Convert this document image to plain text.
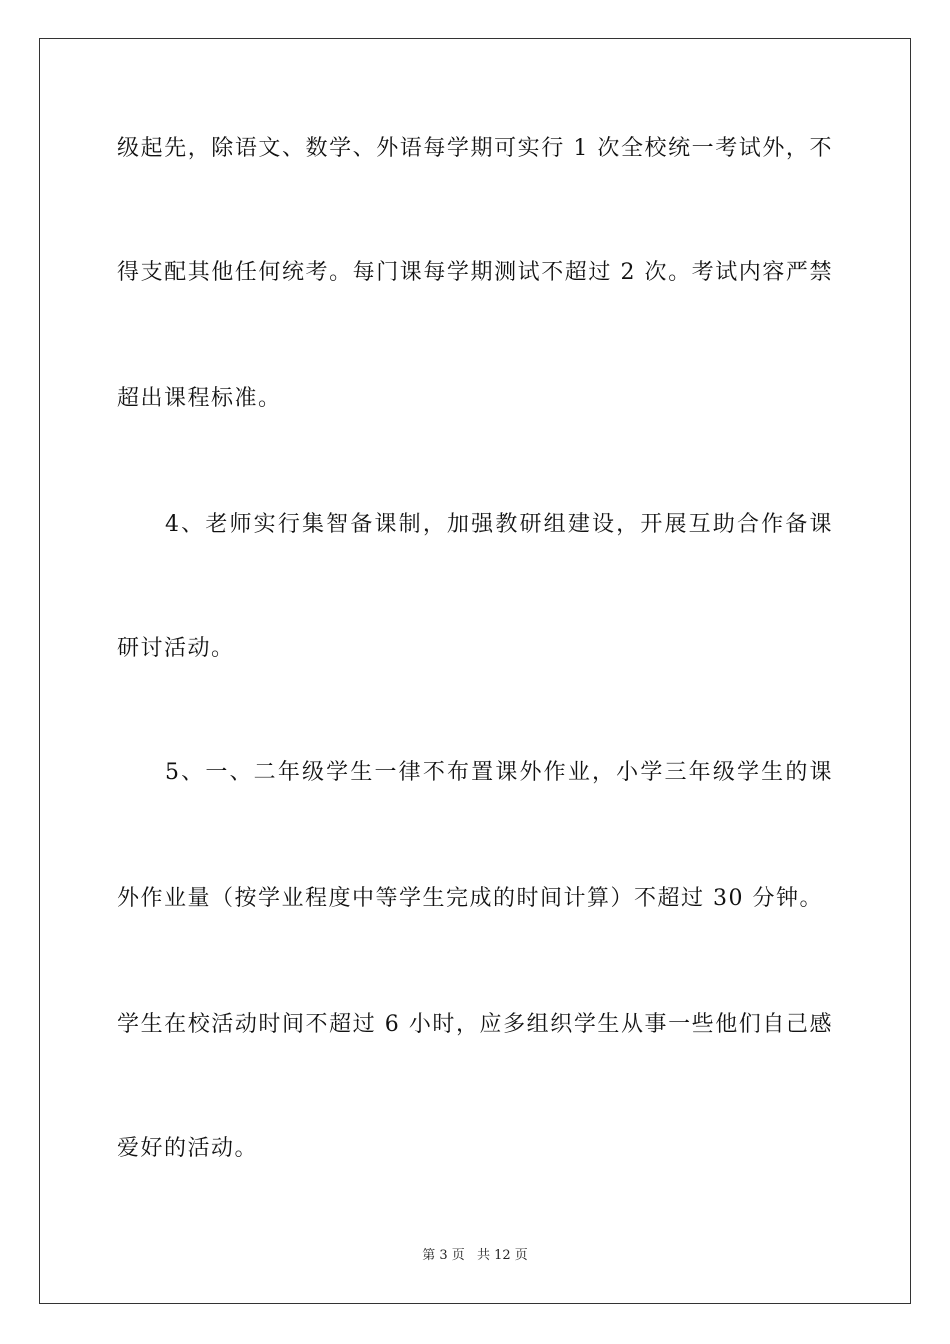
级起先，除语文、数学、外语每学期可实行 1 次全校统一考试外，不
得支配其他任何统考。每门课每学期测试不超过 2 次。考试内容严禁
超出课程标准。
4、老师实行集智备课制，加强教研组建设，开展互助合作备课
研讨活动。
5、一、二年级学生一律不布置课外作业，小学三年级学生的课
外作业量（按学业程度中等学生完成的时间计算）不超过 30 分钟。
学生在校活动时间不超过 6 小时，应多组织学生从事一些他们自己感
爱好的活动。
第 3 页 共 12 页
